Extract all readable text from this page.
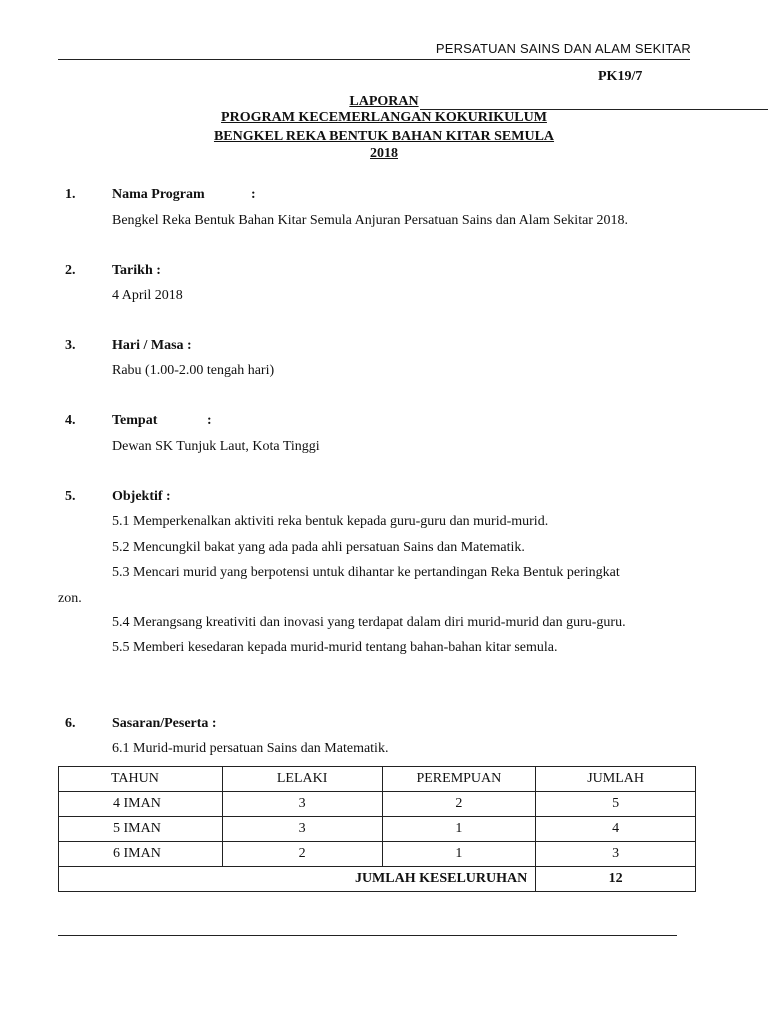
PERSATUAN SAINS DAN ALAM SEKITAR
PK19/7
LAPORAN
PROGRAM KECEMERLANGAN KOKURIKULUM
BENGKEL REKA BENTUK BAHAN KITAR SEMULA
2018
1.	Nama Program	:
Bengkel Reka Bentuk Bahan Kitar Semula Anjuran Persatuan Sains dan Alam Sekitar 2018.
2.	Tarikh :
4 April 2018
3.	Hari / Masa :
Rabu (1.00-2.00 tengah hari)
4.	Tempat	:
Dewan SK Tunjuk Laut, Kota Tinggi
5.	Objektif :
5.1 Memperkenalkan aktiviti reka bentuk kepada guru-guru dan murid-murid.
5.2 Mencungkil bakat yang ada pada ahli persatuan Sains dan Matematik.
5.3 Mencari murid yang berpotensi untuk dihantar ke pertandingan Reka Bentuk peringkat
zon.
5.4 Merangsang kreativiti dan inovasi yang terdapat dalam diri murid-murid dan guru-guru.
5.5 Memberi kesedaran kepada murid-murid tentang bahan-bahan kitar semula.
6.	Sasaran/Peserta :
6.1 Murid-murid persatuan Sains dan Matematik.
TAHUN	LELAKI	PEREMPUAN	JUMLAH
4 IMAN	3	2	5
5 IMAN	3	1	4
6 IMAN	2	1	3
JUMLAH KESELURUHAN			12
